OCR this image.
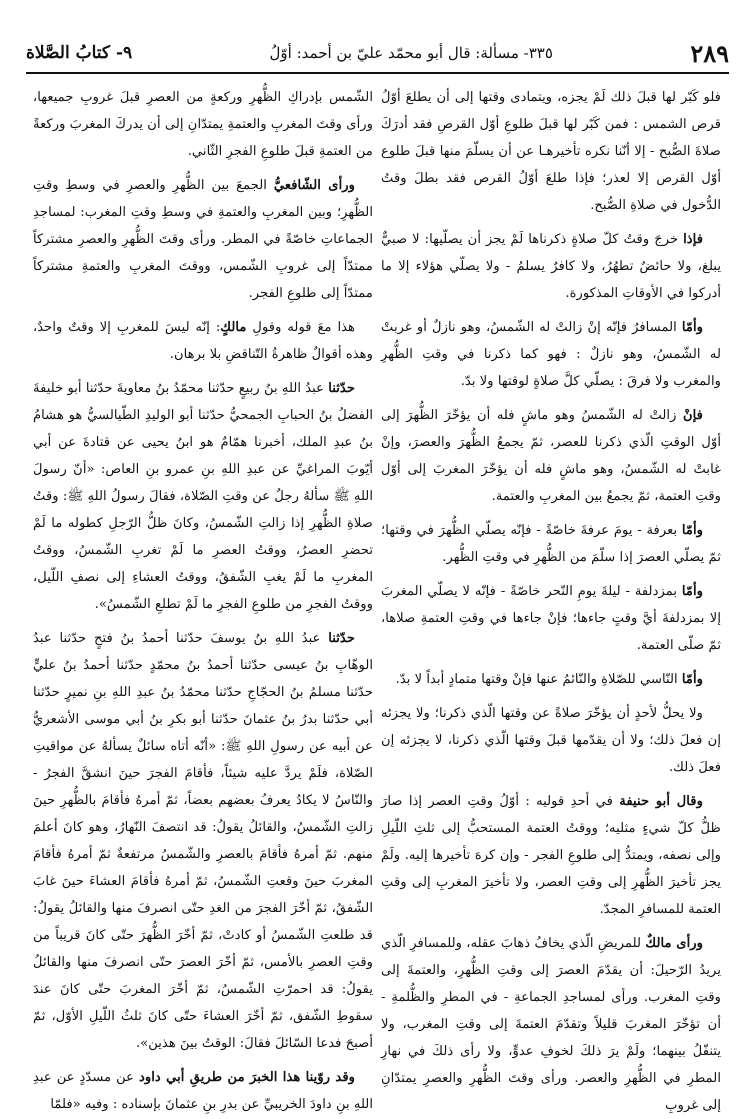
٩- كتابُ الصَّلاة	٣٣٥- مسألة: قال أبو محمّد عليّ بن أحمد: أوّلُ	٢٨٩

فلو كَبّر لها قبلَ ذلك لَمْ يجزه، ويتمادى وقتها إلى أن يطلعَ أوّلُ قرص الشمس : فمن كَبّر لها قبلَ طلوعِ أوّل القرصِ فقد أدرَكَ صلاةَ الصُّبح - إلا أنّنا نكره تأخيرهـا عن أن يسلّمَ منها قبلَ طلوع أوّل القرص إلا لعذر؛ فإذا طلعَ أوّلُ القرص فقد بطلَ وقتُ الدُّخول في صلاةِ الصُّبح.

فإذا خرجَ وقتُ كلّ صلاةٍ ذكرناها لَمْ يجز أن يصلّيها: لا صبيٌّ يبلغ، ولا حائضٌ تطهُرُ، ولا كافرٌ يسلمُ - ولا يصلّي هؤلاء إلا ما أدركوا في الأوقاتِ المذكورة.

وأمّا المسافرُ فإنّه إنْ زالتْ له الشّمسُ، وهو نازلٌ أو غربتْ له الشّمسُ، وهو نازلٌ : فهو كما ذكرنا في وقتِ الظُّهرِ والمغرب ولا فرقَ : يصلّي كلَّ صلاةٍ لوقتها ولا بدّ.

فإنْ زالتْ له الشّمسُ وهو ماشٍ فله أن يؤخّرَ الظُّهرَ إلى أوّل الوقتِ الّذي ذكرنا للعصر، ثمّ يجمعُ الظُّهرَ والعصرَ، وإنْ غابتْ له الشّمسُ، وهو ماشٍ فله أن يؤخّرَ المغربَ إلى أوّل وقتِ العتمة، ثمّ يجمعُ بين المغربِ والعتمة.

وأمّا بعرفة - يومَ عرفةَ خاصّةً - فإنّه يصلّي الظُّهرَ في وقتها؛ ثمّ يصلّي العصرَ إذا سلّمَ من الظُّهرِ في وقتِ الظُّهر.

وأمّا بمزدلفة - ليلةَ يومِ النّحر خاصّةً - فإنّه لا يصلّي المغربَ إلا بمزدلفةَ أيَّ وقتٍ جاءها؛ فإنْ جاءها في وقتِ العتمةِ صلاها، ثمّ صلّى العتمة.

وأمّا النّاسي للصّلاةِ والنّائمُ عنها فإنْ وقتها متمادٍ أبداً لا بدّ.

ولا يحلُّ لأحدٍ أن يؤخّرَ صلاةً عن وقتها الّذي ذكرنا؛ ولا يجزئه إن فعلَ ذلك؛ ولا أن يقدّمها قبلَ وقتها الّذي ذكرنا، لا يجزئه إن فعلَ ذلك.

وقال أبو حنيفة في أحدِ قوليه : أوّلُ وقتِ العصر إذا صارَ ظلُّ كلّ شيءٍ مثليه؛ ووقتُ العتمة المستحبُّ إلى ثلثِ اللّيلِ وإلى نصفه، ويمتدُّ إلى طلوعِ الفجر - وإن كرهَ تأخيرها إليه. ولَمْ يجز تأخيرَ الظُّهرِ إلى وقتِ العصر، ولا تأخيرَ المغربِ إلى وقتِ العتمة للمسافرِ المجدّ.

ورأى مالكٌ للمريضِ الّذي يخافُ ذهابَ عقله، وللمسافرِ الّذي يريدُ الرّحيلَ: أن يقدّمَ العصرَ إلى وقتِ الظُّهرِ، والعتمةَ إلى وقتِ المغرب. ورأى لمساجدِ الجماعةِ - في المطرِ والظُّلمةِ - أن تؤخّرَ المغربَ قليلاً وتقدّمَ العتمةَ إلى وقتِ المغرب، ولا يتنفّلُ بينهما؛ ولَمْ يرَ ذلكَ لخوفِ عدوٍّ، ولا رأى ذلكَ في نهارِ المطرِ في الظُّهرِ والعصر. ورأى وقتَ الظُّهرِ والعصرِ يمتدّانِ إلى غروبِ

الشّمس بإدراكِ الظُّهرِ وركعةٍ من العصرِ قبلَ غروبِ جميعها، ورأى وقتَ المغربِ والعتمةِ يمتدّانِ إلى أن يدركَ المغربَ وركعةً من العتمةِ قبلَ طلوعِ الفجرِ الثّاني.

ورأى الشّافعيُّ الجمعَ بين الظُّهرِ والعصرِ في وسطِ وقتِ الظُّهرِ؛ وبين المغربِ والعتمةِ في وسطِ وقتِ المغرب: لمساجدِ الجماعاتِ خاصّةً في المطر. ورأى وقتَ الظُّهرِ والعصرِ مشتركاً ممتدّاً إلى غروبِ الشّمس، ووقتَ المغربِ والعتمةِ مشتركاً ممتدّاً إلى طلوعِ الفجر.

هذا معَ قوله وقولِ مالكٍ: إنّه ليسَ للمغربِ إلا وقتٌ واحدٌ، وهذه أقوالٌ ظاهرةُ التّناقضِ بلا برهان.

حدّثنا عبدُ اللهِ بنُ ربيعٍ حدّثنا محمّدُ بنُ معاويةَ حدّثنا أبو خليفةَ الفضلُ بنُ الحبابِ الجمحيُّ حدّثنا أبو الوليدِ الطّيالسيُّ هو هشامُ بنُ عبدِ الملك، أخبرنا همّامٌ هو ابنُ يحيى عن قتادةَ عن أبي أيّوبَ المراغيِّ عن عبدِ اللهِ بنِ عمرو بنِ العاص: «أنّ رسولَ اللهِ ﷺ سألهُ رجلٌ عن وقتِ الصّلاة، فقالَ رسولُ اللهِ ﷺ: وقتُ صلاةِ الظُّهرِ إذا زالتِ الشّمسُ، وكانَ ظلُّ الرّجلِ كطوله ما لَمْ تحضرِ العصرُ، ووقتُ العصرِ ما لَمْ تغربِ الشّمسُ، ووقتُ المغربِ ما لَمْ يغبِ الشّفقُ، ووقتُ العشاءِ إلى نصفِ اللّيل، ووقتُ الفجرِ من طلوعِ الفجرِ ما لَمْ تطلعِ الشّمسُ».

حدّثنا عبدُ اللهِ بنُ يوسفَ حدّثنا أحمدُ بنُ فتحٍ حدّثنا عبدُ الوهّابِ بنُ عيسى حدّثنا أحمدُ بنُ محمّدٍ حدّثنا أحمدُ بنُ عليٍّ حدّثنا مسلمُ بنُ الحجّاجِ حدّثنا محمّدُ بنُ عبدِ اللهِ بنِ نميرٍ حدّثنا أبي حدّثنا بدرُ بنُ عثمانَ حدّثنا أبو بكرِ بنُ أبي موسى الأشعريُّ عن أبيه عن رسولِ اللهِ ﷺ: «أنّه أتاه سائلٌ يسألهُ عن مواقيتِ الصّلاة، فلَمْ يردَّ عليه شيئاً، فأقامَ الفجرَ حينَ انشقَّ الفجرُ - والنّاسُ لا يكادُ يعرفُ بعضهم بعضاً، ثمّ أمرهُ فأقامَ بالظُّهرِ حينَ زالتِ الشّمسُ، والقائلُ يقولُ: قد انتصفَ النّهارُ، وهو كانَ أعلمَ منهم. ثمّ أمرهُ فأقامَ بالعصرِ والشّمسُ مرتفعةٌ ثمّ أمرهُ فأقامَ المغربَ حينَ وقعتِ الشّمسُ، ثمّ أمرهُ فأقامَ العشاءَ حينَ غابَ الشّفقُ، ثمّ أخّرَ الفجرَ من الغدِ حتّى انصرفَ منها والقائلُ يقولُ: قد طلعتِ الشّمسُ أو كادتْ، ثمّ أخّرَ الظُّهرَ حتّى كانَ قريباً من وقتِ العصرِ بالأمس، ثمّ أخّرَ العصرَ حتّى انصرفَ منها والقائلُ يقولُ: قد احمرّتِ الشّمسُ، ثمّ أخّرَ المغربَ حتّى كانَ عندَ سقوطِ الشّفق، ثمّ أخّرَ العشاءَ حتّى كانَ ثلثُ اللّيلِ الأوّل، ثمّ أصبحَ فدعا السّائلَ فقالَ: الوقتُ بينَ هذين».

وقد روّينا هذا الخبرَ من طريقِ أبي داود عن مسدّدٍ عن عبدِ اللهِ بنِ داودَ الخريبيِّ عن بدرِ بنِ عثمانَ بإسناده : وفيه «فلمّا
